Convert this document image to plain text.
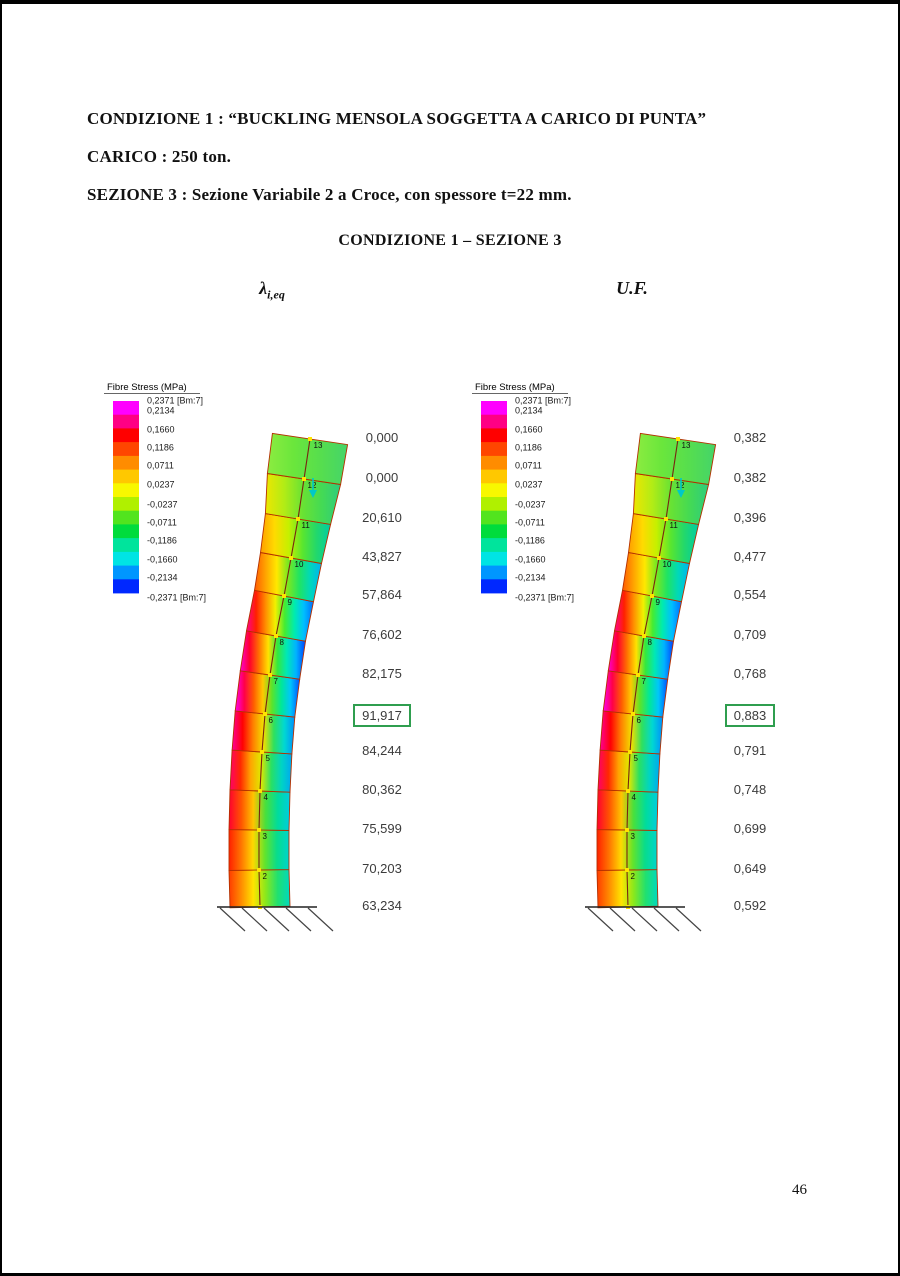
CONDIZIONE 1 : “BUCKLING MENSOLA SOGGETTA A CARICO DI PUNTA”
CARICO : 250 ton.
SEZIONE 3 : Sezione Variabile 2 a Croce, con spessore t=22 mm.
CONDIZIONE 1 – SEZIONE 3
$\lambda_{i,eq}$	U.F.
2
3
4
5
6
7
8
9
10
11
12
13
Fibre Stress (MPa)
0,2371 [Bm:7]
0,2134
0,1660
0,1186
0,0711
0,0237
-0,0237
-0,0711
-0,1186
-0,1660
-0,2134
-0,2371 [Bm:7]
0,000
0,000
20,610
43,827
57,864
76,602
82,175
91,917
84,244
80,362
75,599
70,203
63,234
2
3
4
5
6
7
8
9
10
11
12
13
Fibre Stress (MPa)
0,2371 [Bm:7]
0,2134
0,1660
0,1186
0,0711
0,0237
-0,0237
-0,0711
-0,1186
-0,1660
-0,2134
-0,2371 [Bm:7]
0,382
0,382
0,396
0,477
0,554
0,709
0,768
0,883
0,791
0,748
0,699
0,649
0,592
46
